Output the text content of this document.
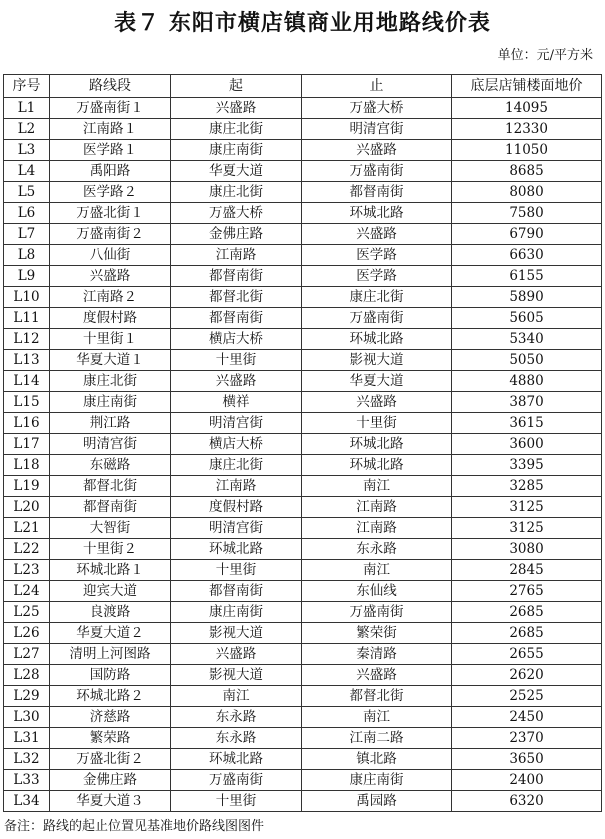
表７ 东阳市横店镇商业用地路线价表
单位：元/平方米
序号	路线段	起	止	底层店铺楼面地价
L1	万盛南街１	兴盛路	万盛大桥	14095
L2	江南路１	康庄北街	明清宫街	12330
L3	医学路１	康庄南街	兴盛路	11050
L4	禹阳路	华夏大道	万盛南街	8685
L5	医学路２	康庄北街	都督南街	8080
L6	万盛北街１	万盛大桥	环城北路	7580
L7	万盛南街２	金佛庄路	兴盛路	6790
L8	八仙街	江南路	医学路	6630
L9	兴盛路	都督南街	医学路	6155
L10	江南路２	都督北街	康庄北街	5890
L11	度假村路	都督南街	万盛南街	5605
L12	十里街１	横店大桥	环城北路	5340
L13	华夏大道１	十里街	影视大道	5050
L14	康庄北街	兴盛路	华夏大道	4880
L15	康庄南街	横祥	兴盛路	3870
L16	荆江路	明清宫街	十里街	3615
L17	明清宫街	横店大桥	环城北路	3600
L18	东磁路	康庄北街	环城北路	3395
L19	都督北街	江南路	南江	3285
L20	都督南街	度假村路	江南路	3125
L21	大智街	明清宫街	江南路	3125
L22	十里街２	环城北路	东永路	3080
L23	环城北路１	十里街	南江	2845
L24	迎宾大道	都督南街	东仙线	2765
L25	良渡路	康庄南街	万盛南街	2685
L26	华夏大道２	影视大道	繁荣街	2685
L27	清明上河图路	兴盛路	秦清路	2655
L28	国防路	影视大道	兴盛路	2620
L29	环城北路２	南江	都督北街	2525
L30	济慈路	东永路	南江	2450
L31	繁荣路	东永路	江南二路	2370
L32	万盛北街２	环城北路	镇北路	3650
L33	金佛庄路	万盛南街	康庄南街	2400
L34	华夏大道３	十里街	禹园路	6320
备注：路线的起止位置见基准地价路线图图件
